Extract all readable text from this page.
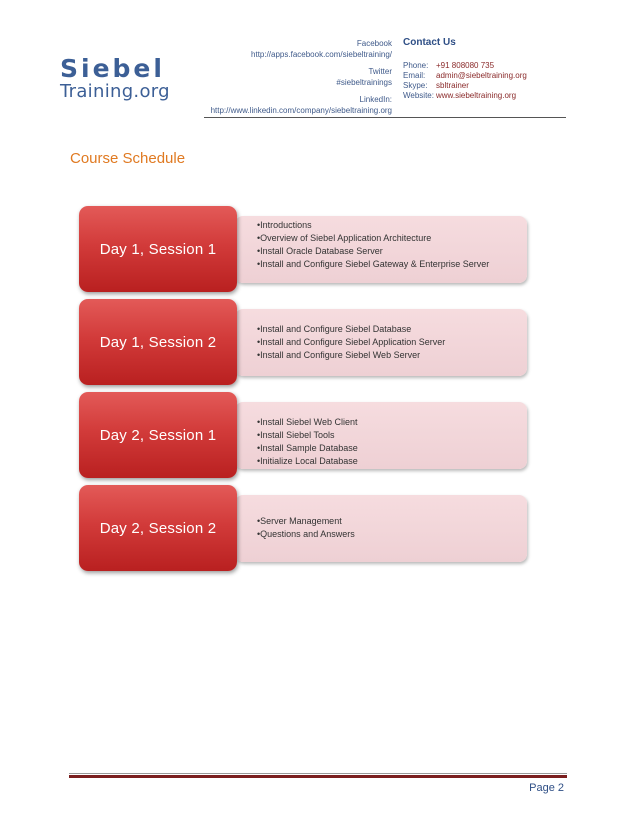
Siebel
Training.org
Facebook
http://apps.facebook.com/siebeltraining/
Twitter
#siebeltrainings
LinkedIn:
http://www.linkedin.com/company/siebeltraining.org
Contact Us
Phone: +91 808080 735
Email: admin@siebeltraining.org
Skype: sbltrainer
Website: www.siebeltraining.org
Course Schedule
• Introductions
• Overview of Siebel Application Architecture
• Install Oracle Database Server
• Install and Configure Siebel Gateway & Enterprise Server
Day 1, Session 1
• Install and Configure Siebel Database
• Install and Configure Siebel Application Server
• Install and Configure Siebel Web Server
Day 1, Session 2
• Install Siebel Web Client
• Install Siebel Tools
• Install Sample Database
• Initialize Local Database
Day 2, Session 1
• Server Management
• Questions and Answers
Day 2, Session 2
Page 2
